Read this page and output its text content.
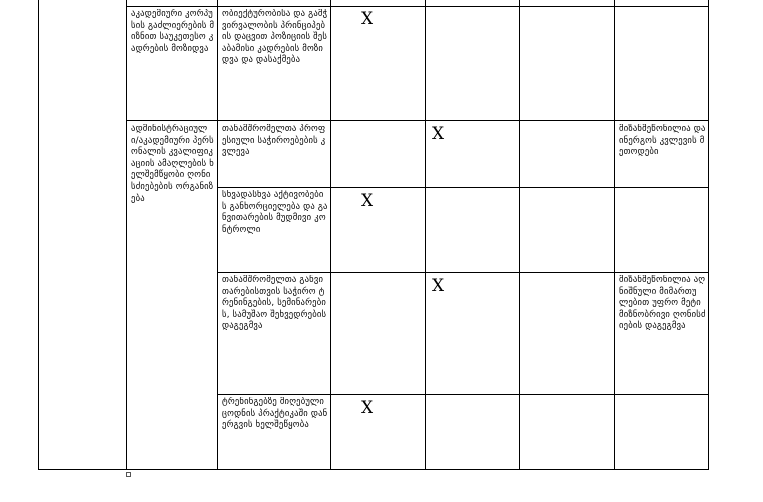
აკადემიური კორპუსის გაძლიერების მიზნით საუკეთესო კადრების მოზიდვა
ობიექტურობისა და გამჭვირვალობის პრინციპების დაცვით პოზიციის შესაბამისი კადრების მოზიდვა და დასაქმება
X
ადმინისტრაციული/აკადემიური პერსონალის კვალიფიკაციის ამაღლების ხელშემწყობი ღონისძიებების ორგანიზება
თანამშრომელთა პროფესიული საჭიროებების კვლევა
X	მიზანშეწონილია დაინერგოს კვლევის მეთოდები
სხვადასხვა აქტივობების განხორციელება და განვითარების მუდმივი კონტროლი
X
თანამშრომელთა განვითარებისთვის საჭირო ტრენინგების, სემინარების, სამუშაო შეხვედრების დაგეგმვა
X	მიზანშეწონილია აღნიშნული მიმართულებით უფრო მეტი მიზნობრივი ღონისძიების დაგეგმვა
ტრენინგებზე მიღებული ცოდნის პრაქტიკაში დანერგვის ხელშეწყობა
X
